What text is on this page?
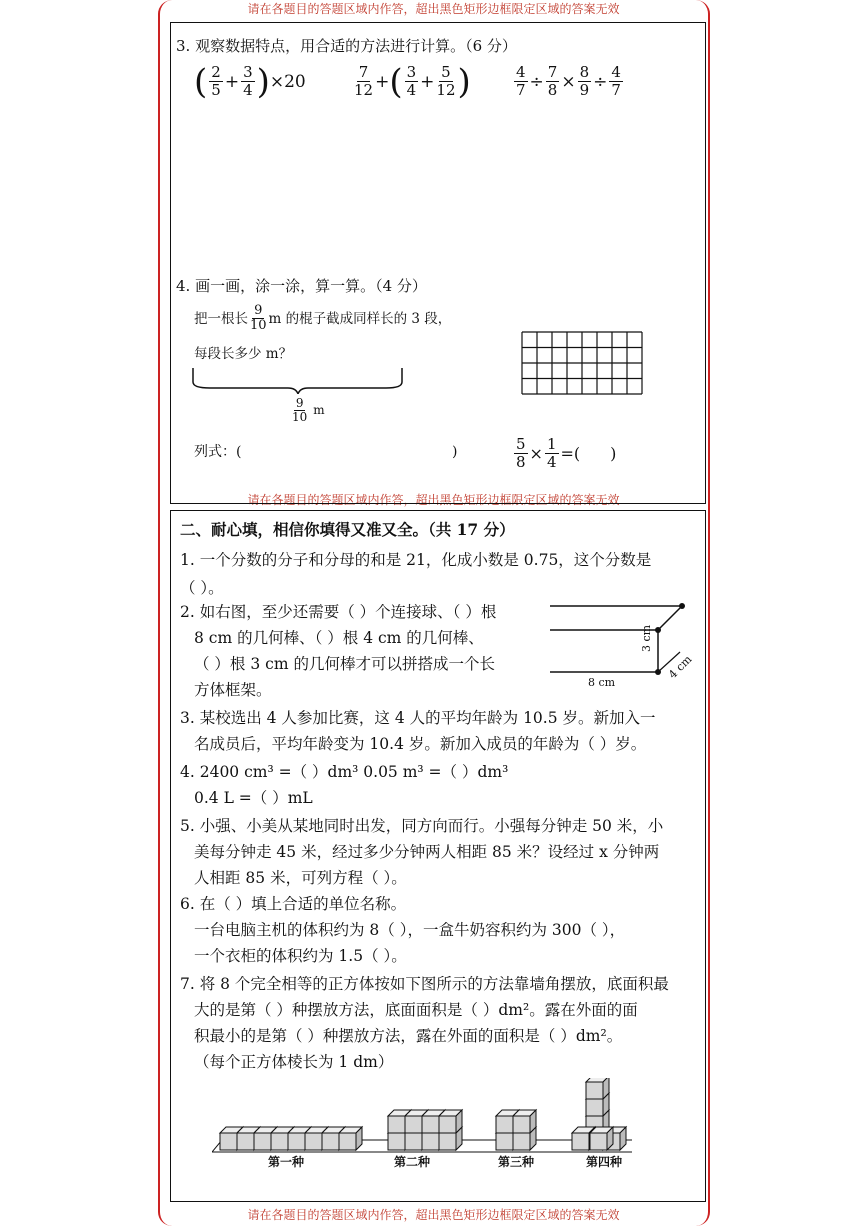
请在各题目的答题区域内作答，超出黑色矩形边框限定区域的答案无效
请在各题目的答题区域内作答，超出黑色矩形边框限定区域的答案无效
请在各题目的答题区域内作答，超出黑色矩形边框限定区域的答案无效
3. 观察数据特点，用合适的方法进行计算。（6 分）
( $\frac{2}{5} + \frac{3}{4}$ ) ×20	$\frac{7}{12}$ + ( $\frac{3}{4} + \frac{5}{12}$ )	$\frac{4}{7} \div \frac{7}{8} \times \frac{8}{9} \div \frac{4}{7}$
4. 画一画，涂一涂，算一算。（4 分）
把一根长 $\frac{9}{10}$ m 的棍子截成同样长的 3 段，
每段长多少 m？
$\frac{9}{10}$ m
列式：(	)	$\frac{5}{8} \times \frac{1}{4}$ =( )
二、耐心填，相信你填得又准又全。（共 17 分）
1. 一个分数的分子和分母的和是 21，化成小数是 0.75，这个分数是
（ ）。
2. 如右图，至少还需要（ ）个连接球、（ ）根
8 cm 的几何棒、（ ）根 4 cm 的几何棒、
（ ）根 3 cm 的几何棒才可以拼搭成一个长
方体框架。
3. 某校选出 4 人参加比赛，这 4 人的平均年龄为 10.5 岁。新加入一
名成员后，平均年龄变为 10.4 岁。新加入成员的年龄为（ ）岁。
4. 2400 cm³ =（ ）dm³ 0.05 m³ =（ ）dm³
0.4 L =（ ）mL
5. 小强、小美从某地同时出发，同方向而行。小强每分钟走 50 米，小
美每分钟走 45 米，经过多少分钟两人相距 85 米？设经过 x 分钟两
人相距 85 米，可列方程（ ）。
6. 在（ ）填上合适的单位名称。
一台电脑主机的体积约为 8（ ），一盒牛奶容积约为 300（ ），
一个衣柜的体积约为 1.5（ ）。
7. 将 8 个完全相等的正方体按如下图所示的方法靠墙角摆放，底面积最
大的是第（ ）种摆放方法，底面面积是（ ）dm²。露在外面的面
积最小的是第（ ）种摆放方法，露在外面的面积是（ ）dm²。
（每个正方体棱长为 1 dm）
8 cm
3 cm
4 cm
第一种	第二种	第三种	第四种
